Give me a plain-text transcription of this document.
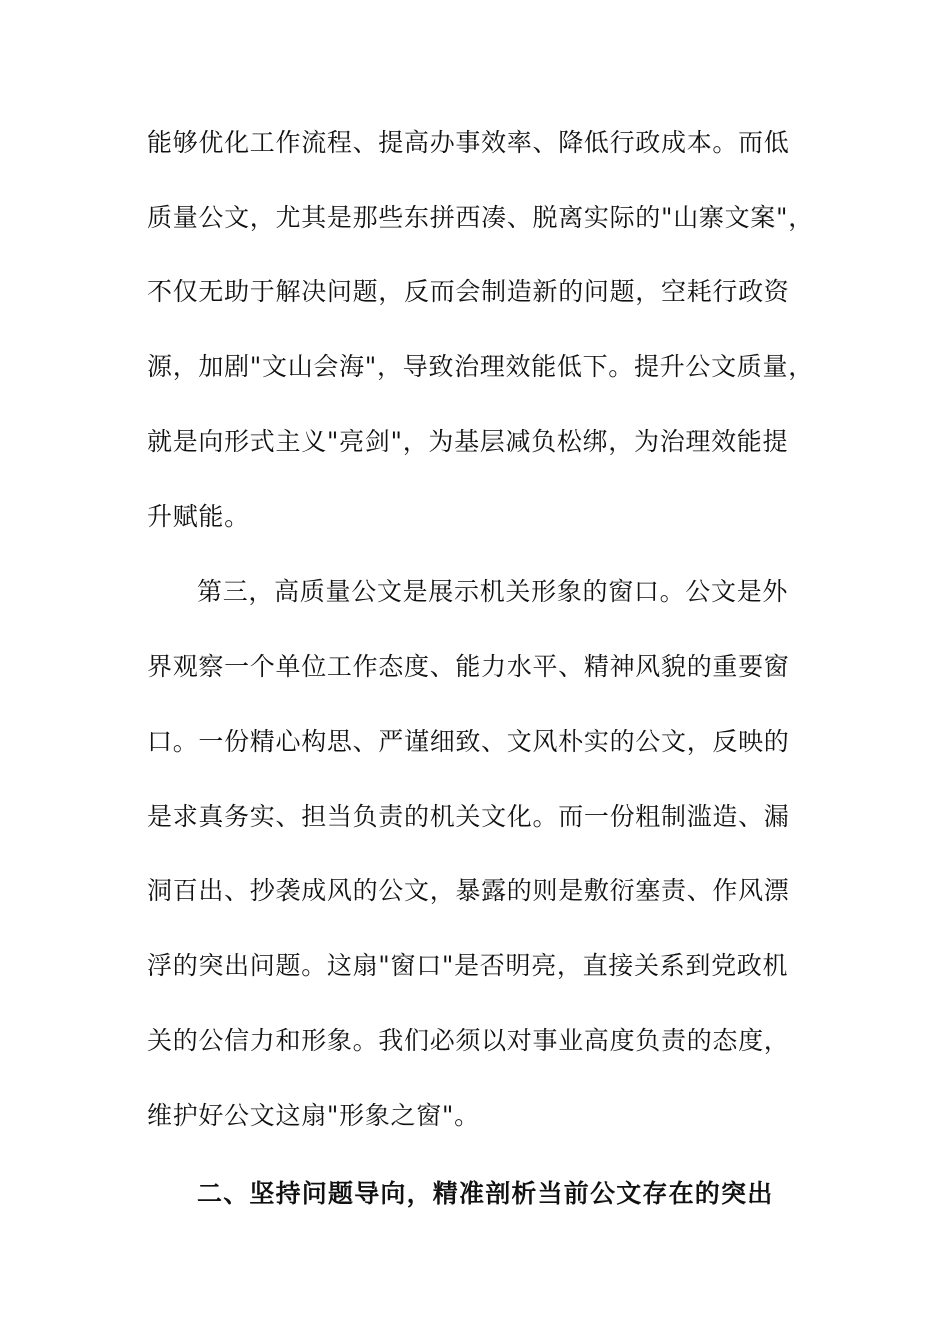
能够优化工作流程、提高办事效率、降低行政成本。而低
质量公文，尤其是那些东拼西凑、脱离实际的"山寨文案"，
不仅无助于解决问题，反而会制造新的问题，空耗行政资
源，加剧"文山会海"，导致治理效能低下。提升公文质量，
就是向形式主义"亮剑"，为基层减负松绑，为治理效能提
升赋能。
第三，高质量公文是展示机关形象的窗口。公文是外
界观察一个单位工作态度、能力水平、精神风貌的重要窗
口。一份精心构思、严谨细致、文风朴实的公文，反映的
是求真务实、担当负责的机关文化。而一份粗制滥造、漏
洞百出、抄袭成风的公文，暴露的则是敷衍塞责、作风漂
浮的突出问题。这扇"窗口"是否明亮，直接关系到党政机
关的公信力和形象。我们必须以对事业高度负责的态度，
维护好公文这扇"形象之窗"。
二、坚持问题导向，精准剖析当前公文存在的突出
